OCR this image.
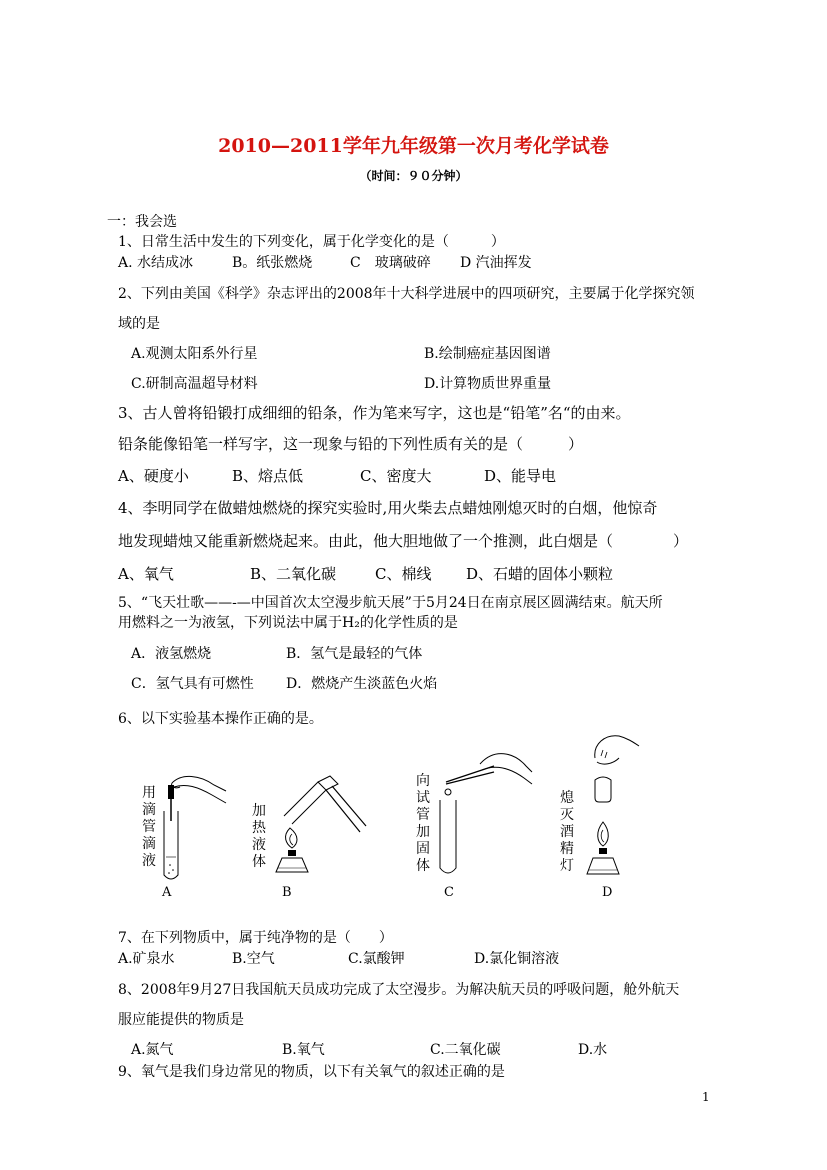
2010—2011学年九年级第一次月考化学试卷
（时间：９０分钟）
一：我会选
1、日常生活中发生的下列变化，属于化学变化的是（　　　）
A. 水结成冰	B。纸张燃烧	C　玻璃破碎 D 汽油挥发
2、下列由美国《科学》杂志评出的2008年十大科学进展中的四项研究，主要属于化学探究领
域的是
A.观测太阳系外行星	B.绘制癌症基因图谱
C.研制高温超导材料	D.计算物质世界重量
3、古人曾将铅锻打成细细的铅条，作为笔来写字，这也是“铅笔”名“的由来。
铅条能像铅笔一样写字，这一现象与铅的下列性质有关的是（　　　）
A、硬度小	B、熔点低	C、密度大	D、能导电
4、李明同学在做蜡烛燃烧的探究实验时,用火柴去点蜡烛刚熄灭时的白烟，他惊奇
地发现蜡烛又能重新燃烧起来。由此，他大胆地做了一个推测，此白烟是（　　　　）
A、氧气	B、二氧化碳	C、棉线 D、石蜡的固体小颗粒
5、“飞天壮歌——-—中国首次太空漫步航天展”于5月24日在南京展区圆满结束。航天所
用燃料之一为液氢，下列说法中属于H₂的化学性质的是
A．液氢燃烧	B．氢气是最轻的气体
C．氢气具有可燃性 D．燃烧产生淡蓝色火焰
6、以下实验基本操作正确的是。
用滴管滴液
A
加热液体
B
向试管加固体
C
熄灭酒精灯
D
7、在下列物质中，属于纯净物的是（　　）
A.矿泉水	B.空气	C.氯酸钾	D.氯化铜溶液
8、2008年9月27日我国航天员成功完成了太空漫步。为解决航天员的呼吸问题，舱外航天
服应能提供的物质是
A.氮气	B.氧气	C.二氧化碳	D.水
9、氧气是我们身边常见的物质，以下有关氧气的叙述正确的是
1
